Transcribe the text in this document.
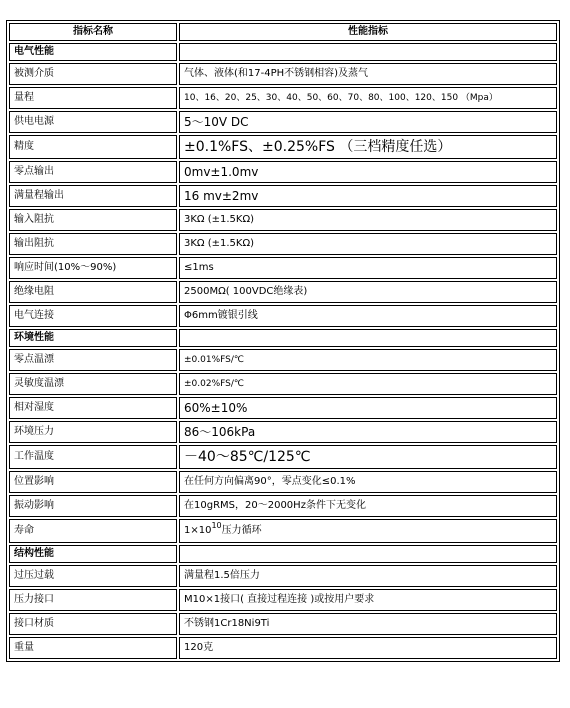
指标名称	性能指标
电气性能	
被测介质	气体、液体(和17-4PH不锈钢相容)及蒸气
量程	10、16、20、25、30、40、50、60、70、80、100、120、150 （Mpa）
供电电源	5～10V DC
精度	±0.1%FS、±0.25%FS （三档精度任选）
零点输出	0mv±1.0mv
满量程输出	16 mv±2mv
输入阻抗	3KΩ (±1.5KΩ)
输出阻抗	3KΩ (±1.5KΩ)
响应时间(10%～90%)	≤1ms
绝缘电阻	2500MΩ( 100VDC绝缘表)
电气连接	Φ6mm镀银引线
环境性能	
零点温漂	±0.01%FS/℃
灵敏度温漂	±0.02%FS/℃
相对湿度	60%±10%
环境压力	86～106kPa
工作温度	－40～85℃/125℃
位置影响	在任何方向偏离90°，零点变化≤0.1%
振动影响	在10gRMS，20～2000Hz条件下无变化
寿命	$1\times 10^{10}$压力循环
结构性能	
过压过载	满量程1.5倍压力
压力接口	M10×1接口( 直接过程连接 )或按用户要求
接口材质	不锈钢1Cr18Ni9Ti
重量	120克
